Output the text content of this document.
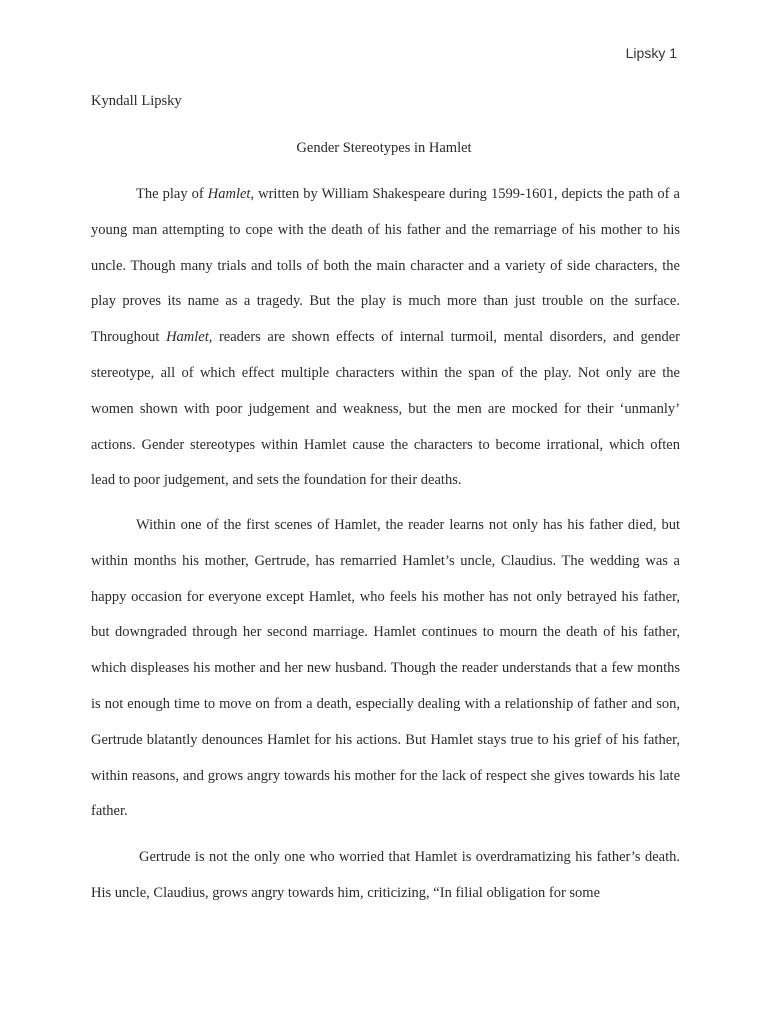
Lipsky 1
Kyndall Lipsky
Gender Stereotypes in Hamlet

The play of Hamlet, written by William Shakespeare during 1599-1601, depicts the path of a young man attempting to cope with the death of his father and the remarriage of his mother to his uncle. Though many trials and tolls of both the main character and a variety of side characters, the play proves its name as a tragedy. But the play is much more than just trouble on the surface. Throughout Hamlet, readers are shown effects of internal turmoil, mental disorders, and gender stereotype, all of which effect multiple characters within the span of the play. Not only are the women shown with poor judgement and weakness, but the men are mocked for their ‘unmanly’ actions. Gender stereotypes within Hamlet cause the characters to become irrational, which often lead to poor judgement, and sets the foundation for their deaths.

Within one of the first scenes of Hamlet, the reader learns not only has his father died, but within months his mother, Gertrude, has remarried Hamlet’s uncle, Claudius. The wedding was a happy occasion for everyone except Hamlet, who feels his mother has not only betrayed his father, but downgraded through her second marriage. Hamlet continues to mourn the death of his father, which displeases his mother and her new husband. Though the reader understands that a few months is not enough time to move on from a death, especially dealing with a relationship of father and son, Gertrude blatantly denounces Hamlet for his actions. But Hamlet stays true to his grief of his father, within reasons, and grows angry towards his mother for the lack of respect she gives towards his late father.

Gertrude is not the only one who worried that Hamlet is overdramatizing his father’s death. His uncle, Claudius, grows angry towards him, criticizing, “In filial obligation for some
